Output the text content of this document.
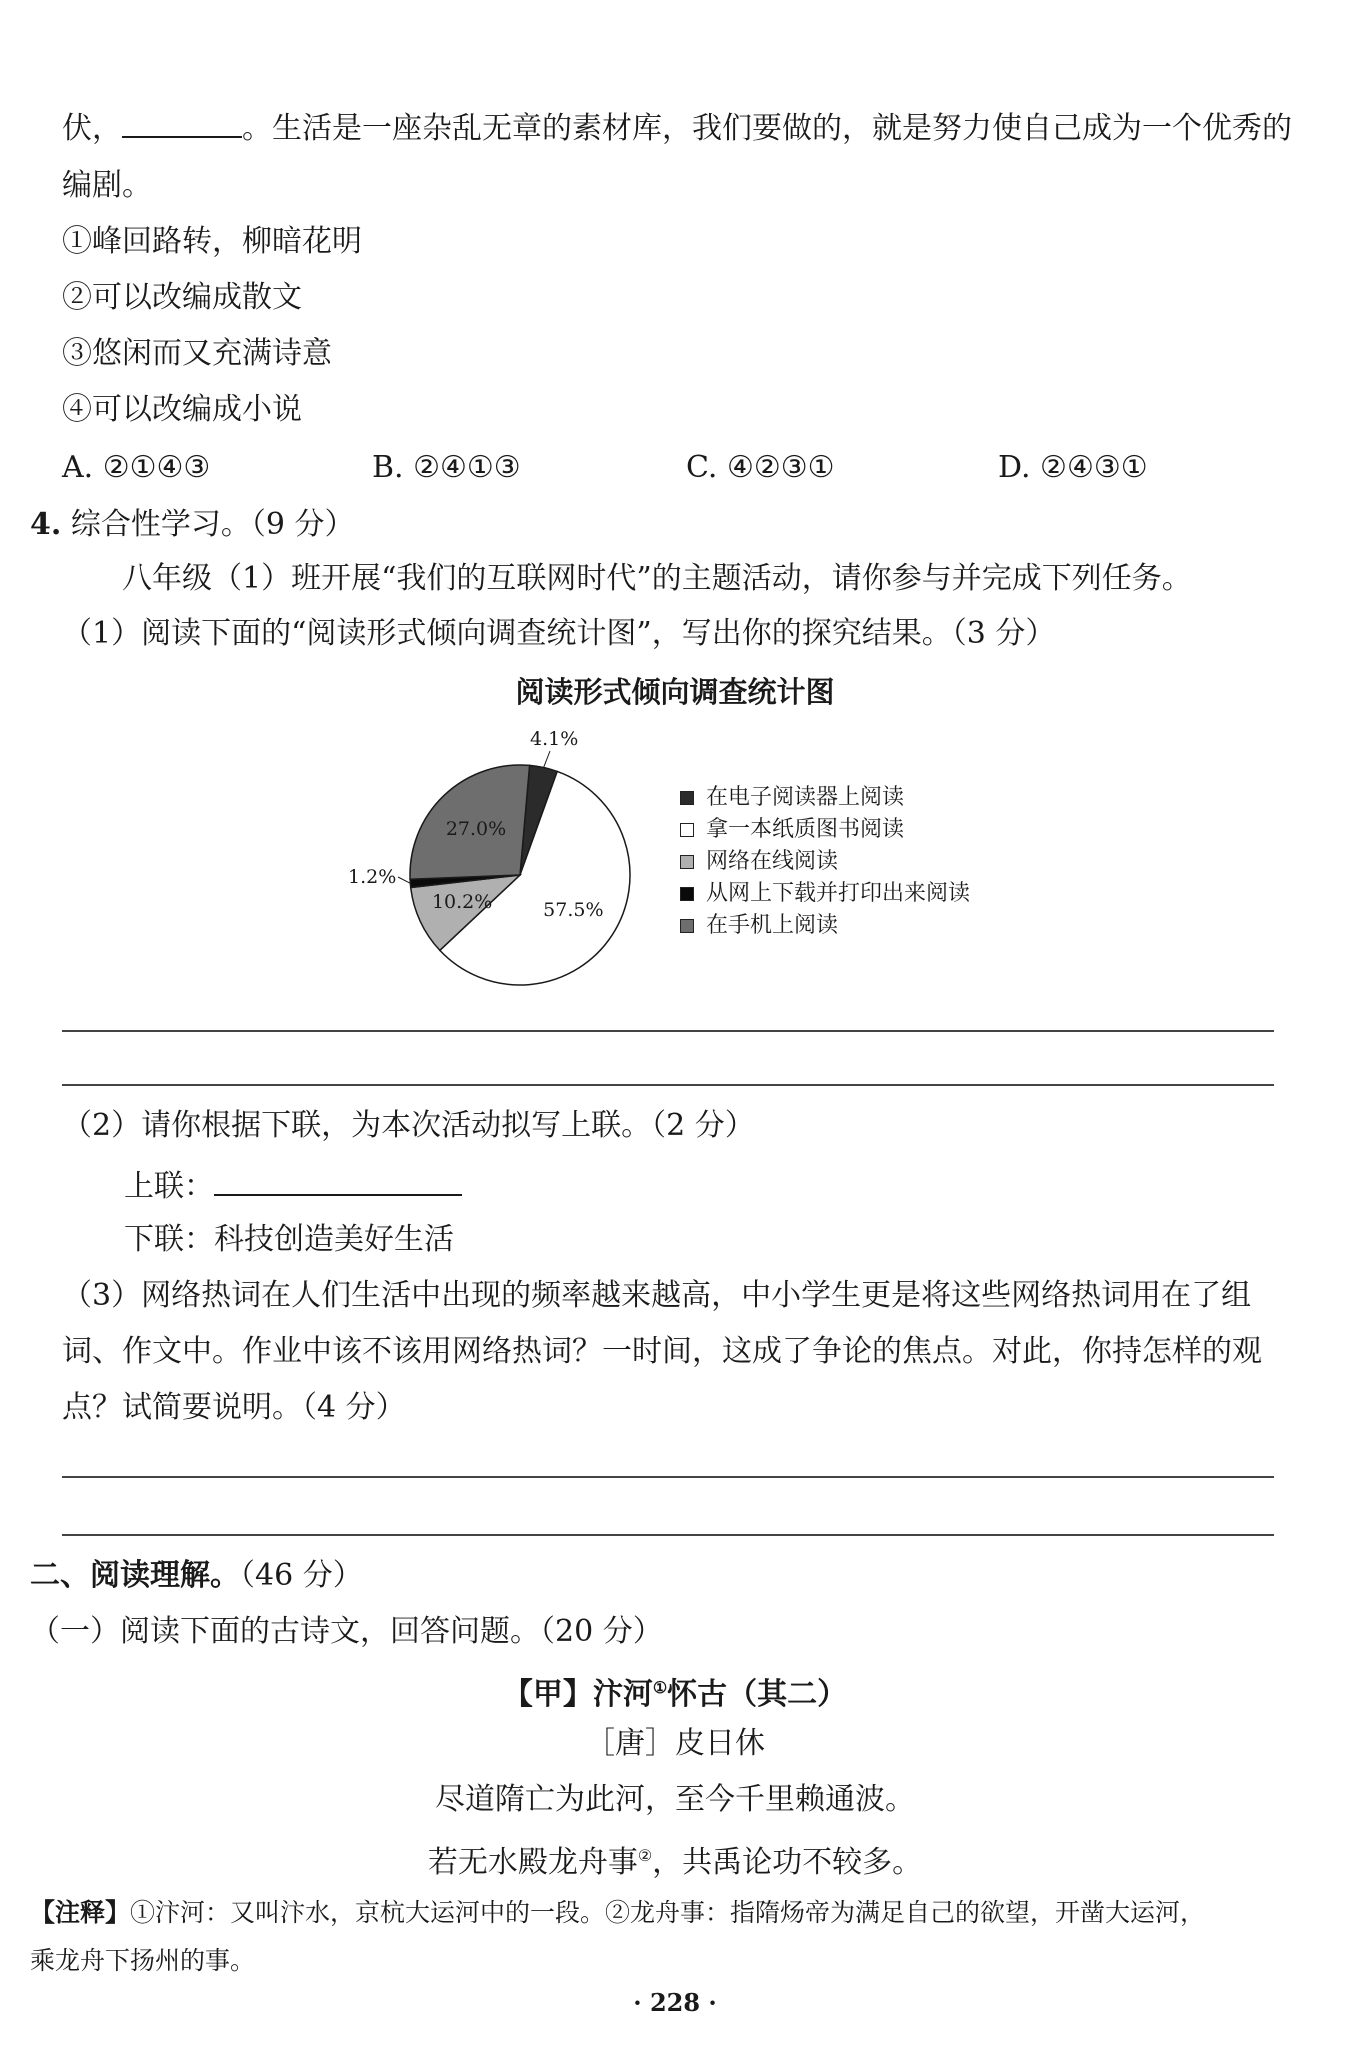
伏，	。生活是一座杂乱无章的素材库，我们要做的，就是努力使自己成为一个优秀的
编剧。
①峰回路转，柳暗花明
②可以改编成散文
③悠闲而又充满诗意
④可以改编成小说
A. ②①④③	B. ②④①③	C. ④②③①	D. ②④③①
4. 综合性学习。（9 分）
八年级（1）班开展“我们的互联网时代”的主题活动，请你参与并完成下列任务。
（1）阅读下面的“阅读形式倾向调查统计图”，写出你的探究结果。（3 分）
阅读形式倾向调查统计图
4.1%
57.5%
10.2%
1.2%
27.0%
在电子阅读器上阅读
拿一本纸质图书阅读
网络在线阅读
从网上下载并打印出来阅读
在手机上阅读
（2）请你根据下联，为本次活动拟写上联。（2 分）
上联：
下联：科技创造美好生活
（3）网络热词在人们生活中出现的频率越来越高，中小学生更是将这些网络热词用在了组
词、作文中。作业中该不该用网络热词？一时间，这成了争论的焦点。对此，你持怎样的观
点？试简要说明。（4 分）
二、阅读理解。（46 分）
（一）阅读下面的古诗文，回答问题。（20 分）
【甲】汴河①怀古（其二）
［唐］皮日休
尽道隋亡为此河，至今千里赖通波。
若无水殿龙舟事②，共禹论功不较多。
【注释】①汴河：又叫汴水，京杭大运河中的一段。②龙舟事：指隋炀帝为满足自己的欲望，开凿大运河，
乘龙舟下扬州的事。
· 228 ·
